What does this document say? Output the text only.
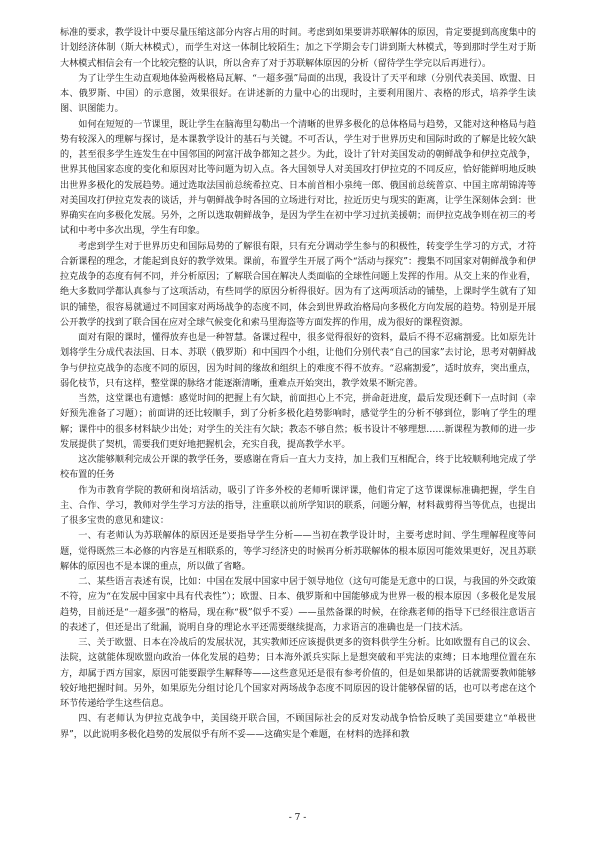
标准的要求，教学设计中要尽量压缩这部分内容占用的时间。考虑到如果要讲苏联解体的原因，肯定要提到高度集中的计划经济体制（斯大林模式），而学生对这一体制比较陌生；加之下学期会专门讲到斯大林模式，等到那时学生对于斯大林模式相信会有一个比较完整的认识，所以舍弃了对于苏联解体原因的分析（留待学生学完以后再进行）。

为了让学生生动直观地体验两极格局瓦解、“一超多强”局面的出现，我设计了天平和球（分别代表美国、欧盟、日本、俄罗斯、中国）的示意图，效果很好。在讲述新的力量中心的出现时，主要利用图片、表格的形式，培养学生读图、识图能力。

如何在短短的一节课里，既让学生在脑海里勾勒出一个清晰的世界多极化的总体格局与趋势，又能对这种格局与趋势有较深入的理解与探讨，是本课教学设计的基石与关键。不可否认，学生对于世界历史和国际时政的了解是比较欠缺的，甚至很多学生连发生在中国邻国的阿富汗战争都知之甚少。为此，设计了针对美国发动的朝鲜战争和伊拉克战争，世界其他国家态度的变化和原因对比等问题为切入点。各大国领导人对美国攻打伊拉克的不同反应，恰好能鲜明地反映出世界多极化的发展趋势。通过选取法国前总统希拉克、日本前首相小泉纯一郎、俄国前总统普京、中国主席胡锦涛等对美国攻打伊拉克发表的谈话，并与朝鲜战争时各国的立场进行对比，拉近历史与现实的距离，让学生深刻体会到：世界确实在向多极化发展。另外，之所以选取朝鲜战争，是因为学生在初中学习过抗美援朝；而伊拉克战争则在初三的考试和中考中多次出现，学生有印象。

考虑到学生对于世界历史和国际局势的了解很有限，只有充分调动学生参与的积极性，转变学生学习的方式，才符合新课程的理念，才能起到良好的教学效果。课前，布置学生开展了两个“活动与探究”：搜集不同国家对朝鲜战争和伊拉克战争的态度有何不同，并分析原因；了解联合国在解决人类面临的全球性问题上发挥的作用。从交上来的作业看，绝大多数同学都认真参与了这项活动，有些同学的原因分析得很好。因为有了这两项活动的铺垫，上课时学生就有了知识的铺垫，很容易就通过不同国家对两场战争的态度不同，体会到世界政治格局向多极化方向发展的趋势。特别是开展公开教学的找到了联合国在应对全球气候变化和索马里海盗等方面发挥的作用，成为很好的课程资源。

面对有限的课时，懂得放弃也是一种智慧。备课过程中，很多觉得很好的资料，最后不得不忍痛割爱。比如原先计划将学生分成代表法国、日本、苏联（俄罗斯）和中国四个小组，让他们分别代表“自己的国家”去讨论，思考对朝鲜战争与伊拉克战争的态度不同的原因，因为时间的缘故和组织上的难度不得不放弃。“忍痛割爱”，适时放弃，突出重点，弱化枝节，只有这样，整堂课的脉络才能逐渐清晰，重难点开始突出，教学效果不断完善。

当然，这堂课也有遗憾：感觉时间的把握上有欠缺，前面担心上不完，拼命赶进度，最后发现还剩下一点时间（幸好预先准备了习题）；前面讲的还比较顺手，到了分析多极化趋势影响时，感觉学生的分析不够到位，影响了学生的理解；课件中的很多材料缺少出处；对学生的关注有欠缺；教态不够自然；板书设计不够理想……新课程为教师的进一步发展提供了契机，需要我们更好地把握机会，充实自我，提高教学水平。

这次能够顺利完成公开课的教学任务，要感谢在背后一直大力支持，加上我们互相配合，终于比较顺利地完成了学校布置的任务

作为市教育学院的教研和岗培活动，吸引了许多外校的老师听课评课，他们肯定了这节课课标准确把握，学生自主、合作、学习，教师对学生学习方法的指导，注重联以前所学知识的联系，问题分解，材料裁剪得当等优点，也提出了很多宝贵的意见和建议：

一、有老师认为苏联解体的原因还是要指导学生分析——当初在教学设计时，主要考虑时间、学生理解程度等问题，觉得既然三本必修的内容是互相联系的，等学习经济史的时候再分析苏联解体的根本原因可能效果更好，况且苏联解体的原因也不是本课的重点，所以做了省略。

二、某些语言表述有误，比如：中国在发展中国家中居于领导地位（这句可能是无意中的口误，与我国的外交政策不符，应为“在发展中国家中具有代表性”）；欧盟、日本、俄罗斯和中国能够成为世界一极的根本原因（多极化是发展趋势，目前还是“一超多强”的格局，现在称“极”似乎不妥）——虽然备课的时候，在徐燕老师的指导下已经很注意语言的表述了，但还是出了纰漏，说明自身的理论水平还需要继续提高，力求语言的准确也是一门技术活。

三、关于欧盟、日本在冷战后的发展状况，其实教师还应该提供更多的资料供学生分析。比如欧盟有自己的议会、法院，这就能体现欧盟向政治一体化发展的趋势；日本海外派兵实际上是想突破和平宪法的束缚；日本地理位置在东方，却属于西方国家，原因可能要跟学生解释等——这些意见还是很有参考价值的，但是如果都讲的话就需要教师能够较好地把握时间。另外，如果原先分组讨论几个国家对两场战争态度不同原因的设计能够保留的话，也可以考虑在这个环节传递给学生这些信息。

四、有老师认为伊拉克战争中，美国绕开联合国，不顾国际社会的反对发动战争恰恰反映了美国要建立“单极世界”，以此说明多极化趋势的发展似乎有所不妥——这确实是个难题，在材料的选择和教

- 7 -
